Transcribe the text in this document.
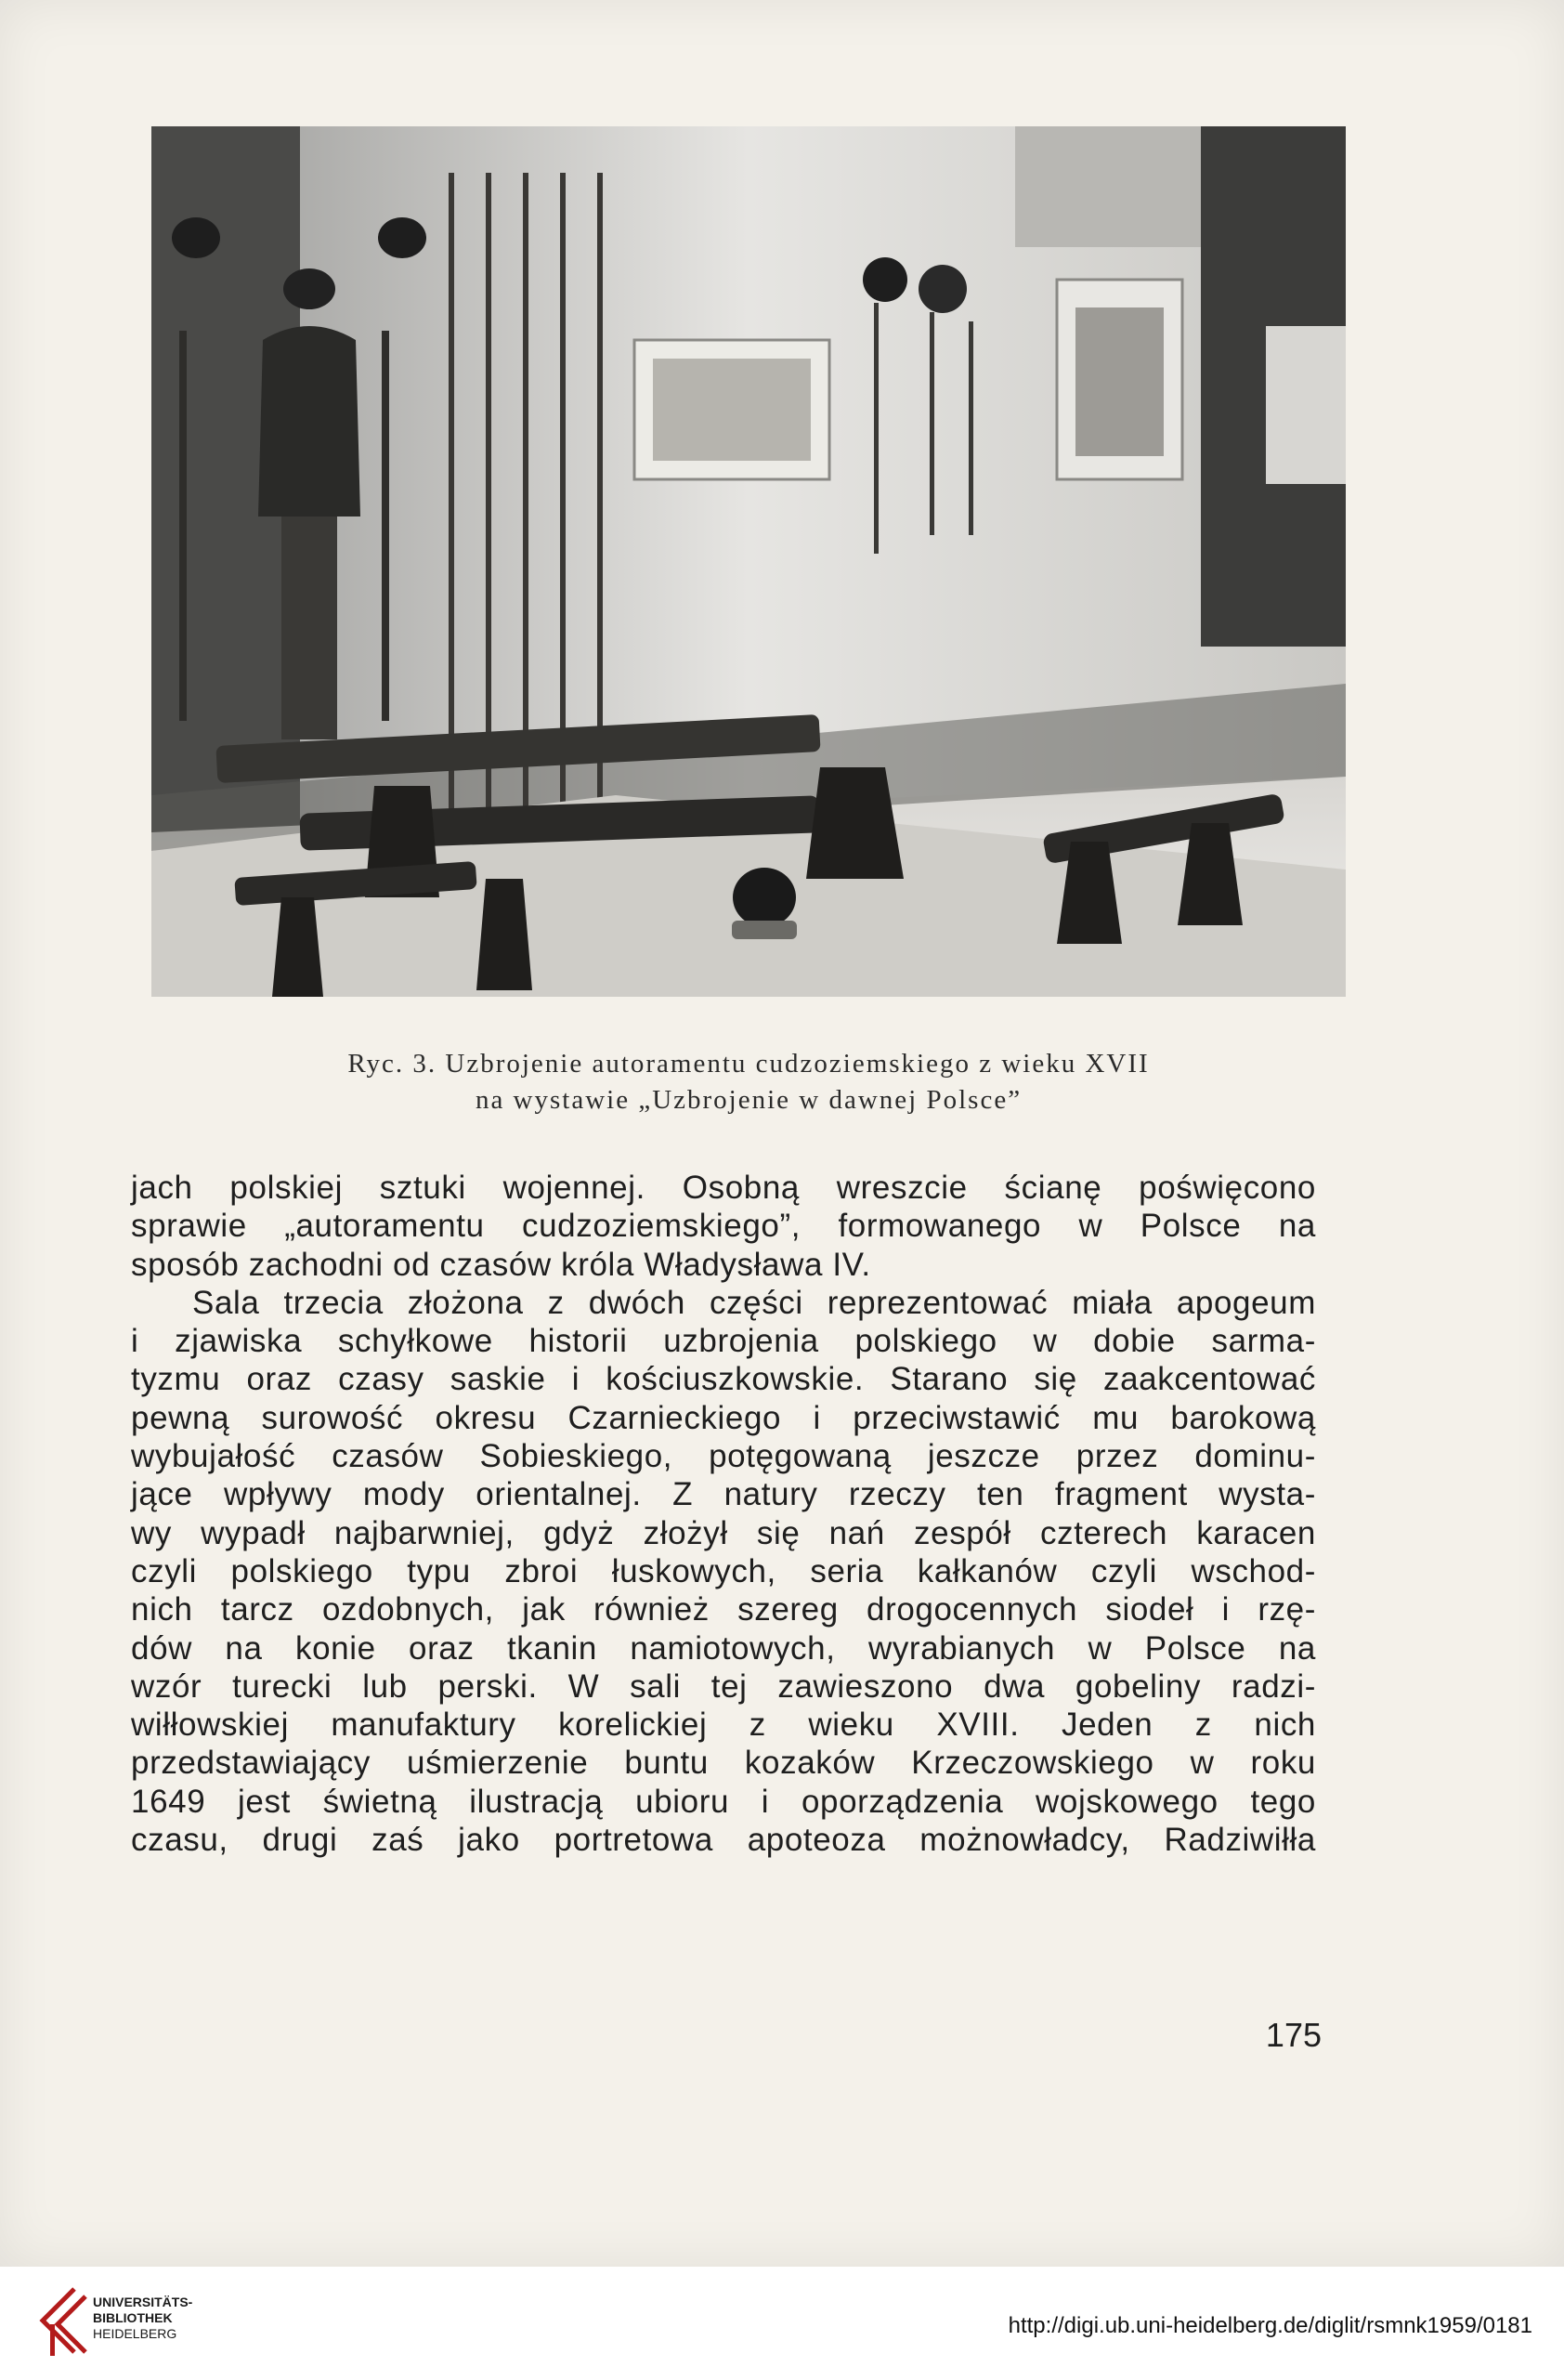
Ryc. 3. Uzbrojenie autoramentu cudzoziemskiego z wieku XVII
na wystawie „Uzbrojenie w dawnej Polsce”
jach polskiej sztuki wojennej. Osobną wreszcie ścianę poświęcono
sprawie „autoramentu cudzoziemskiego”, formowanego w Polsce na
sposób zachodni od czasów króla Władysława IV.
Sala trzecia złożona z dwóch części reprezentować miała apogeum
i zjawiska schyłkowe historii uzbrojenia polskiego w dobie sarma-
tyzmu oraz czasy saskie i kościuszkowskie. Starano się zaakcentować
pewną surowość okresu Czarnieckiego i przeciwstawić mu barokową
wybujałość czasów Sobieskiego, potęgowaną jeszcze przez dominu-
jące wpływy mody orientalnej. Z natury rzeczy ten fragment wysta-
wy wypadł najbarwniej, gdyż złożył się nań zespół czterech karacen
czyli polskiego typu zbroi łuskowych, seria kałkanów czyli wschod-
nich tarcz ozdobnych, jak również szereg drogocennych siodeł i rzę-
dów na konie oraz tkanin namiotowych, wyrabianych w Polsce na
wzór turecki lub perski. W sali tej zawieszono dwa gobeliny radzi-
wiłłowskiej manufaktury korelickiej z wieku XVIII. Jeden z nich
przedstawiający uśmierzenie buntu kozaków Krzeczowskiego w roku
1649 jest świetną ilustracją ubioru i oporządzenia wojskowego tego
czasu, drugi zaś jako portretowa apoteoza możnowładcy, Radziwiłła
175
UNIVERSITÄTS-
BIBLIOTHEK
HEIDELBERG	http://digi.ub.uni-heidelberg.de/diglit/rsmnk1959/0181
